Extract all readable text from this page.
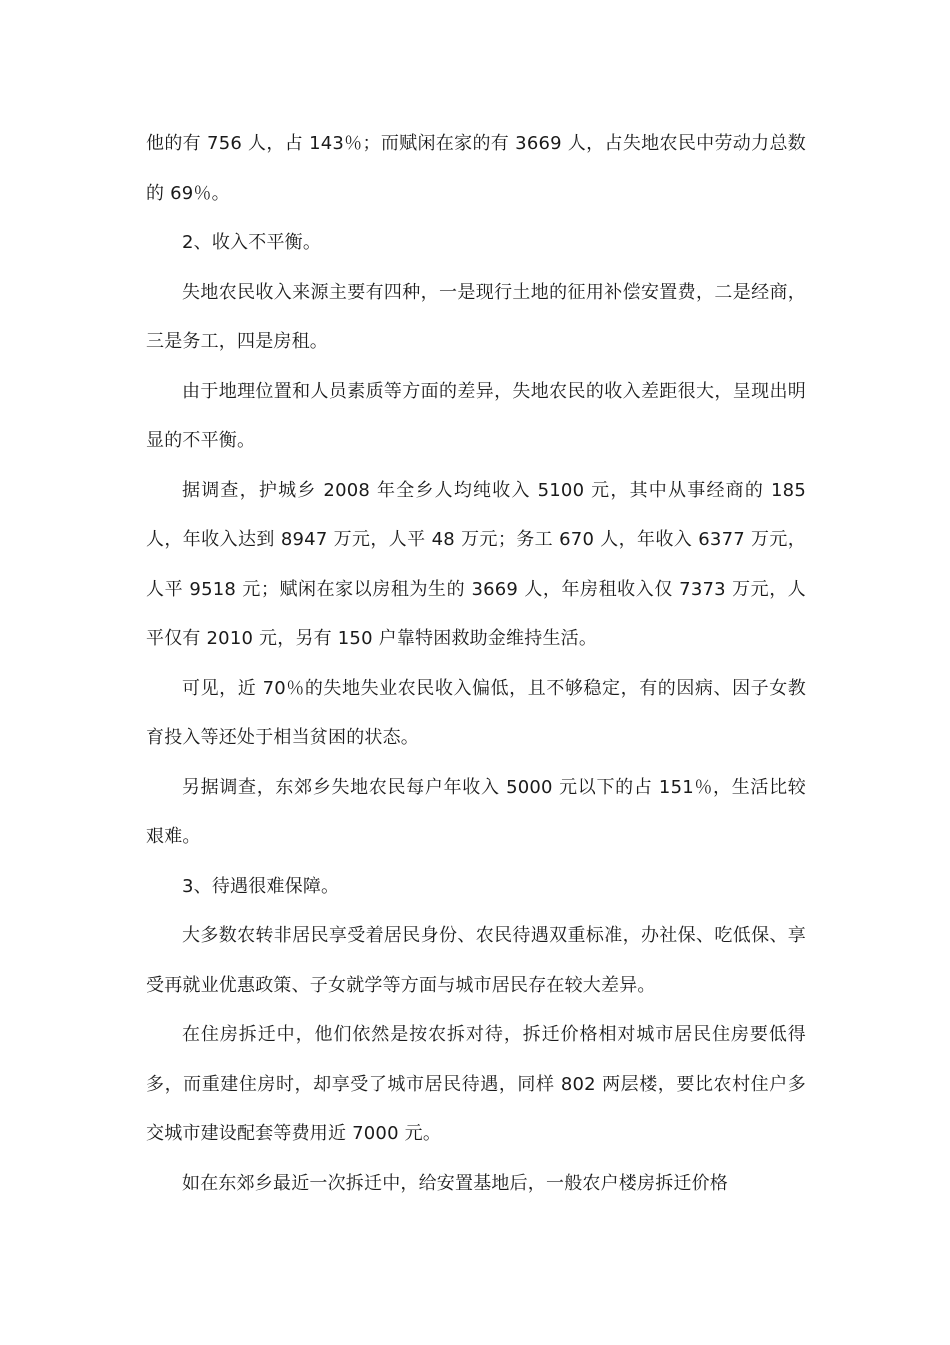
他的有 756 人，占 143％；而赋闲在家的有 3669 人，占失地农民中劳动力总数的 69％。

2、收入不平衡。

失地农民收入来源主要有四种，一是现行土地的征用补偿安置费，二是经商，三是务工，四是房租。

由于地理位置和人员素质等方面的差异，失地农民的收入差距很大，呈现出明显的不平衡。

据调查，护城乡 2008 年全乡人均纯收入 5100 元，其中从事经商的 185 人，年收入达到 8947 万元，人平 48 万元；务工 670 人，年收入 6377 万元，人平 9518 元；赋闲在家以房租为生的 3669 人，年房租收入仅 7373 万元，人平仅有 2010 元，另有 150 户靠特困救助金维持生活。

可见，近 70％的失地失业农民收入偏低，且不够稳定，有的因病、因子女教育投入等还处于相当贫困的状态。

另据调查，东郊乡失地农民每户年收入 5000 元以下的占 151％，生活比较艰难。

3、待遇很难保障。

大多数农转非居民享受着居民身份、农民待遇双重标准，办社保、吃低保、享受再就业优惠政策、子女就学等方面与城市居民存在较大差异。

在住房拆迁中，他们依然是按农拆对待，拆迁价格相对城市居民住房要低得多，而重建住房时，却享受了城市居民待遇，同样 802 两层楼，要比农村住户多交城市建设配套等费用近 7000 元。

如在东郊乡最近一次拆迁中，给安置基地后，一般农户楼房拆迁价格
